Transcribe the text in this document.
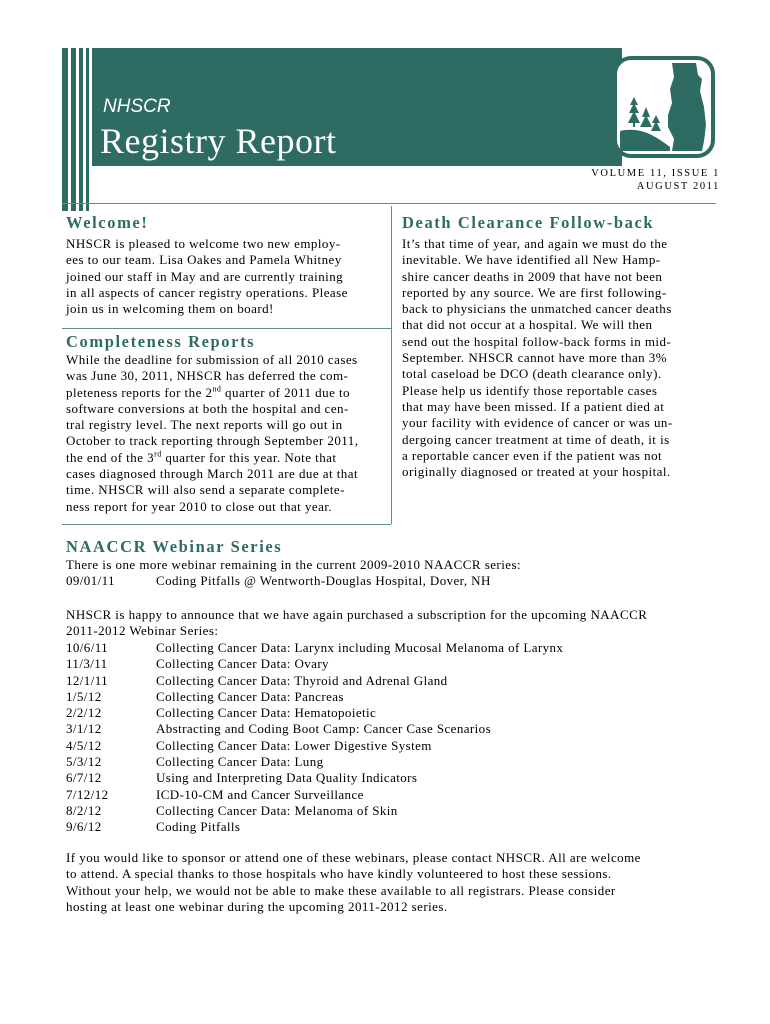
NHSCR
Registry Report
VOLUME 11, ISSUE 1
AUGUST 2011
Welcome!
NHSCR is pleased to welcome two new employ-
ees to our team. Lisa Oakes and Pamela Whitney
joined our staff in May and are currently training
in all aspects of cancer registry operations. Please
join us in welcoming them on board!
Completeness Reports
While the deadline for submission of all 2010 cases
was June 30, 2011, NHSCR has deferred the com-
pleteness reports for the 2nd quarter of 2011 due to
software conversions at both the hospital and cen-
tral registry level. The next reports will go out in
October to track reporting through September 2011,
the end of the 3rd quarter for this year. Note that
cases diagnosed through March 2011 are due at that
time. NHSCR will also send a separate complete-
ness report for year 2010 to close out that year.
Death Clearance Follow-back
It’s that time of year, and again we must do the
inevitable. We have identified all New Hamp-
shire cancer deaths in 2009 that have not been
reported by any source. We are first following-
back to physicians the unmatched cancer deaths
that did not occur at a hospital. We will then
send out the hospital follow-back forms in mid-
September. NHSCR cannot have more than 3%
total caseload be DCO (death clearance only).
Please help us identify those reportable cases
that may have been missed. If a patient died at
your facility with evidence of cancer or was un-
dergoing cancer treatment at time of death, it is
a reportable cancer even if the patient was not
originally diagnosed or treated at your hospital.
NAACCR Webinar Series
There is one more webinar remaining in the current 2009-2010 NAACCR series:
09/01/11	Coding Pitfalls @ Wentworth-Douglas Hospital, Dover, NH
NHSCR is happy to announce that we have again purchased a subscription for the upcoming NAACCR
2011-2012 Webinar Series:
10/6/11	Collecting Cancer Data: Larynx including Mucosal Melanoma of Larynx
11/3/11	Collecting Cancer Data: Ovary
12/1/11	Collecting Cancer Data: Thyroid and Adrenal Gland
1/5/12	Collecting Cancer Data: Pancreas
2/2/12	Collecting Cancer Data: Hematopoietic
3/1/12	Abstracting and Coding Boot Camp: Cancer Case Scenarios
4/5/12	Collecting Cancer Data: Lower Digestive System
5/3/12	Collecting Cancer Data: Lung
6/7/12	Using and Interpreting Data Quality Indicators
7/12/12	ICD-10-CM and Cancer Surveillance
8/2/12	Collecting Cancer Data: Melanoma of Skin
9/6/12	Coding Pitfalls
If you would like to sponsor or attend one of these webinars, please contact NHSCR. All are welcome
to attend. A special thanks to those hospitals who have kindly volunteered to host these sessions.
Without your help, we would not be able to make these available to all registrars. Please consider
hosting at least one webinar during the upcoming 2011-2012 series.
